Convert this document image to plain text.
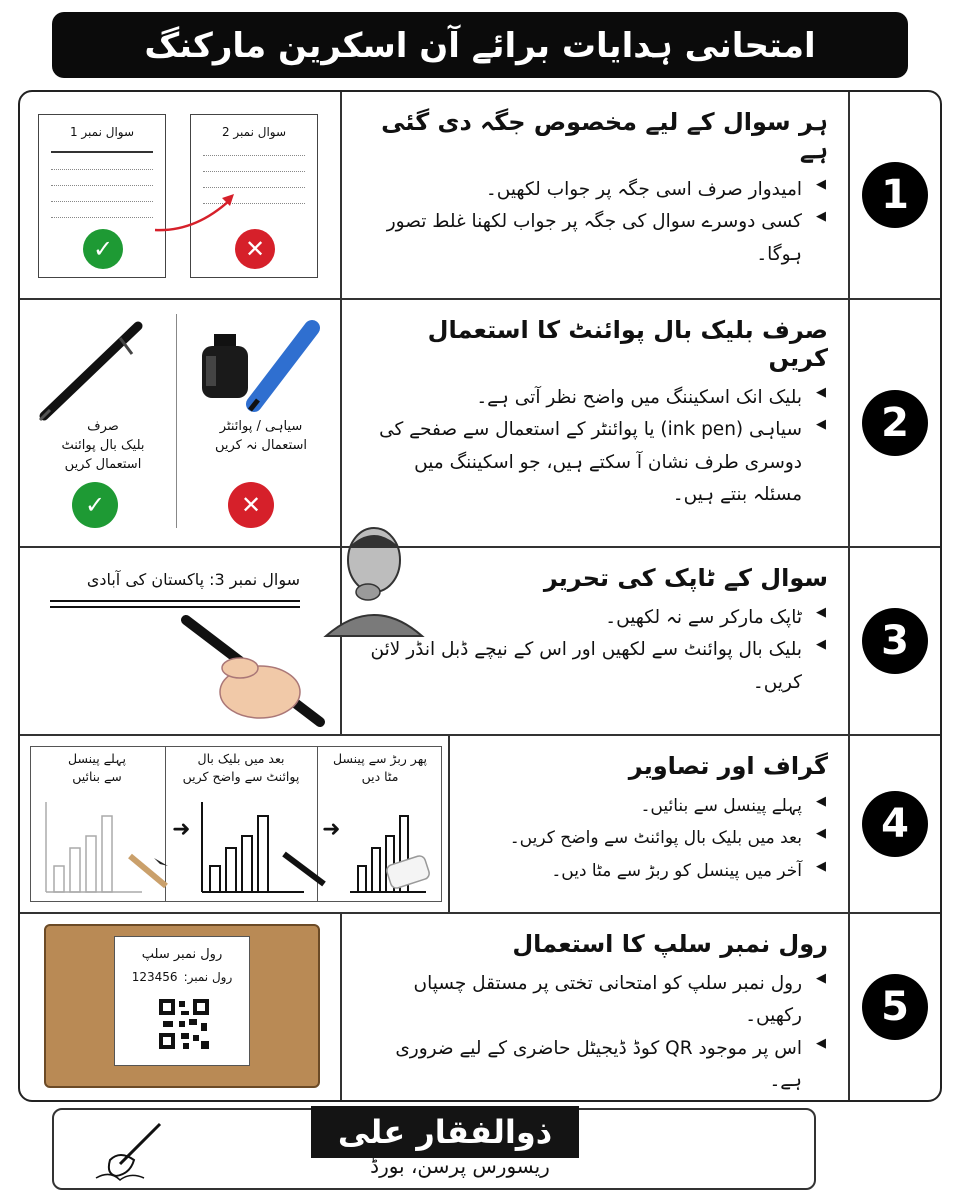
امتحانی ہدایات برائے آن اسکرین مارکنگ
سوال نمبر 1
✓
سوال نمبر 2
✕
ہر سوال کے لیے مخصوص جگہ دی گئی ہے
▶ امیدوار صرف اسی جگہ پر جواب لکھیں۔
▶ کسی دوسرے سوال کی جگہ پر جواب لکھنا غلط تصور ہوگا۔
1
صرف
بلیک بال پوائنٹ
استعمال کریں
✓
سیاہی / پوائنٹر
استعمال نہ کریں
✕
صرف بلیک بال پوائنٹ کا استعمال کریں
▶ بلیک انک اسکیننگ میں واضح نظر آتی ہے۔
▶ سیاہی (ink pen) یا پوائنٹر کے استعمال سے صفحے کی دوسری طرف نشان آ سکتے ہیں، جو اسکیننگ میں مسئلہ بنتے ہیں۔
2
سوال نمبر 3: پاکستان کی آبادی	سوال کے ٹاپک کی تحریر
▶ ٹاپک مارکر سے نہ لکھیں۔
▶ بلیک بال پوائنٹ سے لکھیں اور اس کے نیچے ڈبل انڈر لائن کریں۔
3
پہلے پینسل
سے بنائیں
بعد میں بلیک بال
پوائنٹ سے واضح کریں
پھر ربڑ سے پینسل
مٹا دیں
➜	➜
گراف اور تصاویر
▶ پہلے پینسل سے بنائیں۔
▶ بعد میں بلیک بال پوائنٹ سے واضح کریں۔
▶ آخر میں پینسل کو ربڑ سے مٹا دیں۔
4
رول نمبر سلپ
123456 رول نمبر:
رول نمبر سلپ کا استعمال
▶ رول نمبر سلپ کو امتحانی تختی پر مستقل چسپاں رکھیں۔
▶ اس پر موجود QR کوڈ ڈیجیٹل حاضری کے لیے ضروری ہے۔
5
ذوالفقار علی
ریسورس پرسن، بورڈ
